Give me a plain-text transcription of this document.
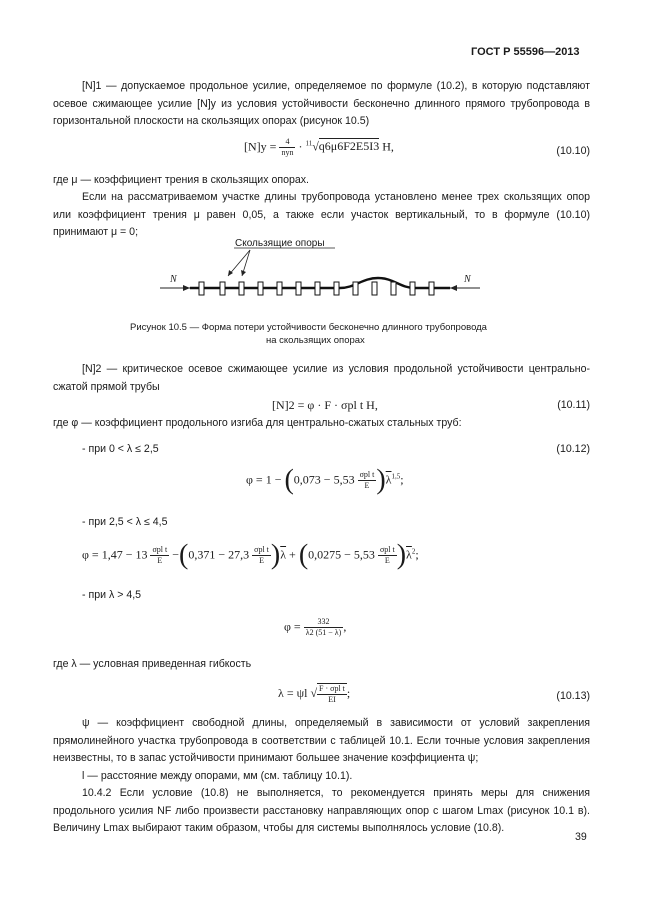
ГОСТ Р 55596—2013
[N]1 — допускаемое продольное усилие, определяемое по формуле (10.2), в которую подставляют осевое сжимающее усилие [N]y из условия устойчивости бесконечно длинного прямого трубопровода в горизонтальной плоскости на скользящих опорах (рисунок 10.5)
$[N]y = \frac{4}{\text{nyn}} \cdot ^{11}√q6\mu 6F2E5I3$ H,	(10.10)
где μ — коэффициент трения в скользящих опорах.
Если на рассматриваемом участке длины трубопровода установлено менее трех скользящих опор или коэффициент трения μ равен 0,05, а также если участок вертикальный, то в формуле (10.10) принимают μ = 0;
Скользящие опоры
N	N
Рисунок 10.5 — Форма потери устойчивости бесконечно длинного трубопровода
на скользящих опорах
[N]2 — критическое осевое сжимающее усилие из условия продольной устойчивости центрально-сжатой прямой трубы
[N]2 = φ · F · σpl t H,	(10.11)
где φ — коэффициент продольного изгиба для центрально-сжатых стальных труб:
- при 0 < λ ≤ 2,5	(10.12)
$\varphi = 1 - (0,073 - 5,53 \frac{\text{σpl t}}{E} )\overline{\lambda}^{1,5}$;
- при 2,5 < λ ≤ 4,5
$\varphi = 1,47 - 13 \frac{\text{σpl t}}{E} -(0,371 - 27,3 \frac{\text{σpl t}}{E} )\overline{\lambda} + (0,0275 - 5,53 \frac{\text{σpl t}}{E} )\overline{\lambda}^2$;
- при λ > 4,5
$\varphi = \frac{332}{\lambda 2 (51 - \lambda)}$ ,
где λ — условная приведенная гибкость
λ = ψl √ $\frac{\text{F · σpl t}}{EI}$ ;	(10.13)
ψ — коэффициент свободной длины, определяемый в зависимости от условий закрепления прямолинейного участка трубопровода в соответствии с таблицей 10.1. Если точные условия закрепления неизвестны, то в запас устойчивости принимают большее значение коэффициента ψ;
l — расстояние между опорами, мм (см. таблицу 10.1).
10.4.2 Если условие (10.8) не выполняется, то рекомендуется принять меры для снижения продольного усилия NF либо произвести расстановку направляющих опор с шагом Lmax (рисунок 10.1 в). Величину Lmax выбирают таким образом, чтобы для системы выполнялось условие (10.8).
39
